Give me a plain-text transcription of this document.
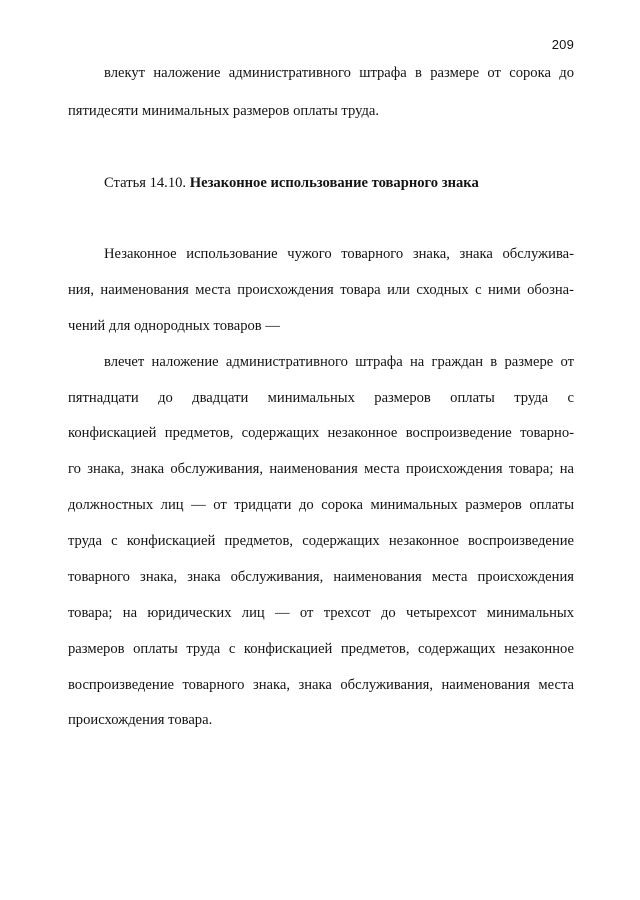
209
влекут наложение административного штрафа в размере от сорока до
пятидесяти минимальных размеров оплаты труда.
Статья 14.10. Незаконное использование товарного знака
Незаконное использование чужого товарного знака, знака обслужива-
ния, наименования места происхождения товара или сходных с ними обозна-
чений для однородных товаров —
влечет наложение административного штрафа на граждан в размере от
пятнадцати до двадцати минимальных размеров оплаты труда с
конфискацией предметов, содержащих незаконное воспроизведение товарно-
го знака, знака обслуживания, наименования места происхождения товара; на
должностных лиц — от тридцати до сорока минимальных размеров оплаты
труда с конфискацией предметов, содержащих незаконное воспроизведение
товарного знака, знака обслуживания, наименования места происхождения
товара; на юридических лиц — от трехсот до четырехсот минимальных
размеров оплаты труда с конфискацией предметов, содержащих незаконное
воспроизведение товарного знака, знака обслуживания, наименования места
происхождения товара.
